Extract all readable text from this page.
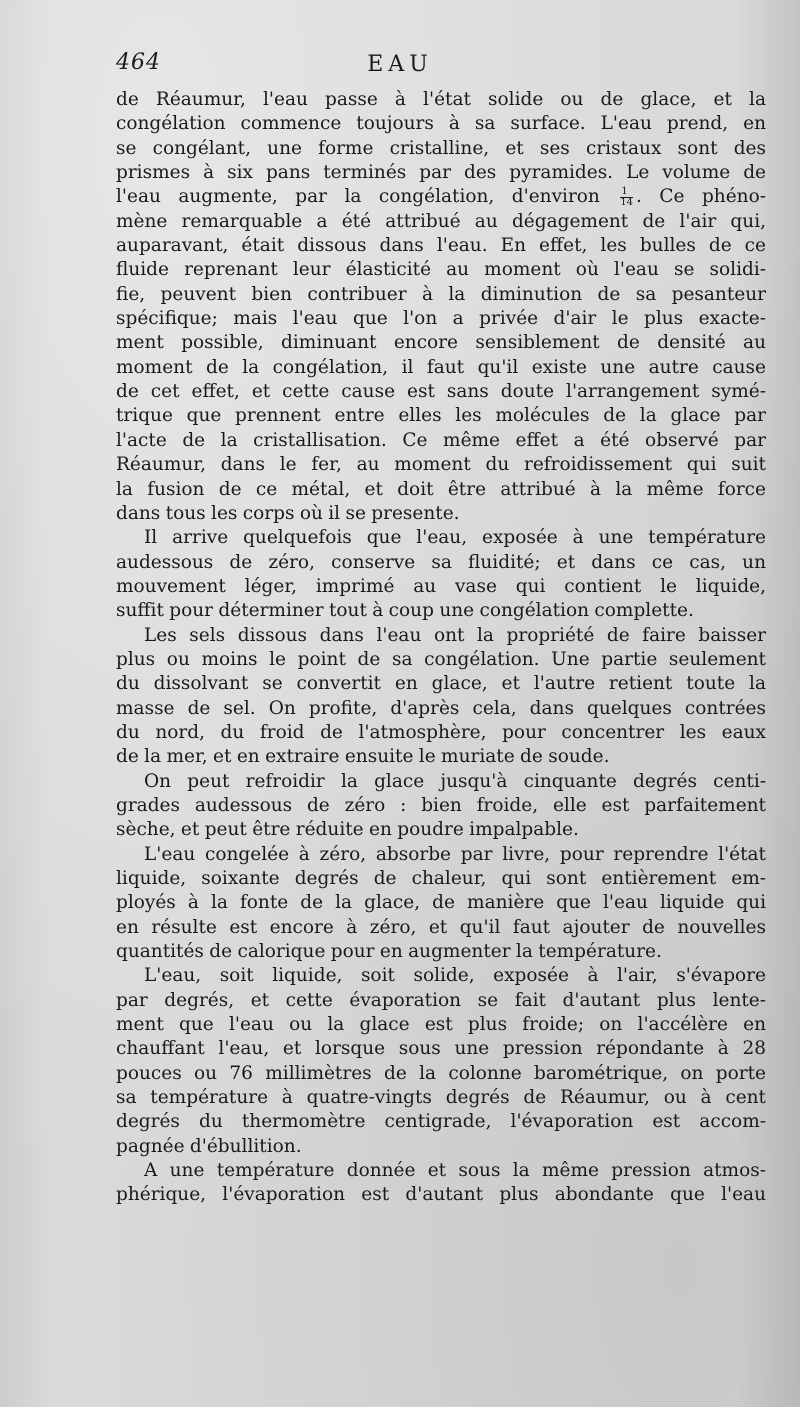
464	EAU
de Réaumur, l'eau passe à l'état solide ou de glace, et la
congélation commence toujours à sa surface. L'eau prend, en
se congélant, une forme cristalline, et ses cristaux sont des
prismes à six pans terminés par des pyramides. Le volume de
l'eau augmente, par la congélation, d'environ $\frac{1}{14}$ . Ce phéno-
mène remarquable a été attribué au dégagement de l'air qui,
auparavant, était dissous dans l'eau. En effet, les bulles de ce
fluide reprenant leur élasticité au moment où l'eau se solidi-
fie, peuvent bien contribuer à la diminution de sa pesanteur
spécifique; mais l'eau que l'on a privée d'air le plus exacte-
ment possible, diminuant encore sensiblement de densité au
moment de la congélation, il faut qu'il existe une autre cause
de cet effet, et cette cause est sans doute l'arrangement symé-
trique que prennent entre elles les molécules de la glace par
l'acte de la cristallisation. Ce même effet a été observé par
Réaumur, dans le fer, au moment du refroidissement qui suit
la fusion de ce métal, et doit être attribué à la même force
dans tous les corps où il se presente.
Il arrive quelquefois que l'eau, exposée à une température
audessous de zéro, conserve sa fluidité; et dans ce cas, un
mouvement léger, imprimé au vase qui contient le liquide,
suffit pour déterminer tout à coup une congélation complette.
Les sels dissous dans l'eau ont la propriété de faire baisser
plus ou moins le point de sa congélation. Une partie seulement
du dissolvant se convertit en glace, et l'autre retient toute la
masse de sel. On profite, d'après cela, dans quelques contrées
du nord, du froid de l'atmosphère, pour concentrer les eaux
de la mer, et en extraire ensuite le muriate de soude.
On peut refroidir la glace jusqu'à cinquante degrés centi-
grades audessous de zéro : bien froide, elle est parfaitement
sèche, et peut être réduite en poudre impalpable.
L'eau congelée à zéro, absorbe par livre, pour reprendre l'état
liquide, soixante degrés de chaleur, qui sont entièrement em-
ployés à la fonte de la glace, de manière que l'eau liquide qui
en résulte est encore à zéro, et qu'il faut ajouter de nouvelles
quantités de calorique pour en augmenter la température.
L'eau, soit liquide, soit solide, exposée à l'air, s'évapore
par degrés, et cette évaporation se fait d'autant plus lente-
ment que l'eau ou la glace est plus froide; on l'accélère en
chauffant l'eau, et lorsque sous une pression répondante à 28
pouces ou 76 millimètres de la colonne barométrique, on porte
sa température à quatre-vingts degrés de Réaumur, ou à cent
degrés du thermomètre centigrade, l'évaporation est accom-
pagnée d'ébullition.
A une température donnée et sous la même pression atmos-
phérique, l'évaporation est d'autant plus abondante que l'eau
